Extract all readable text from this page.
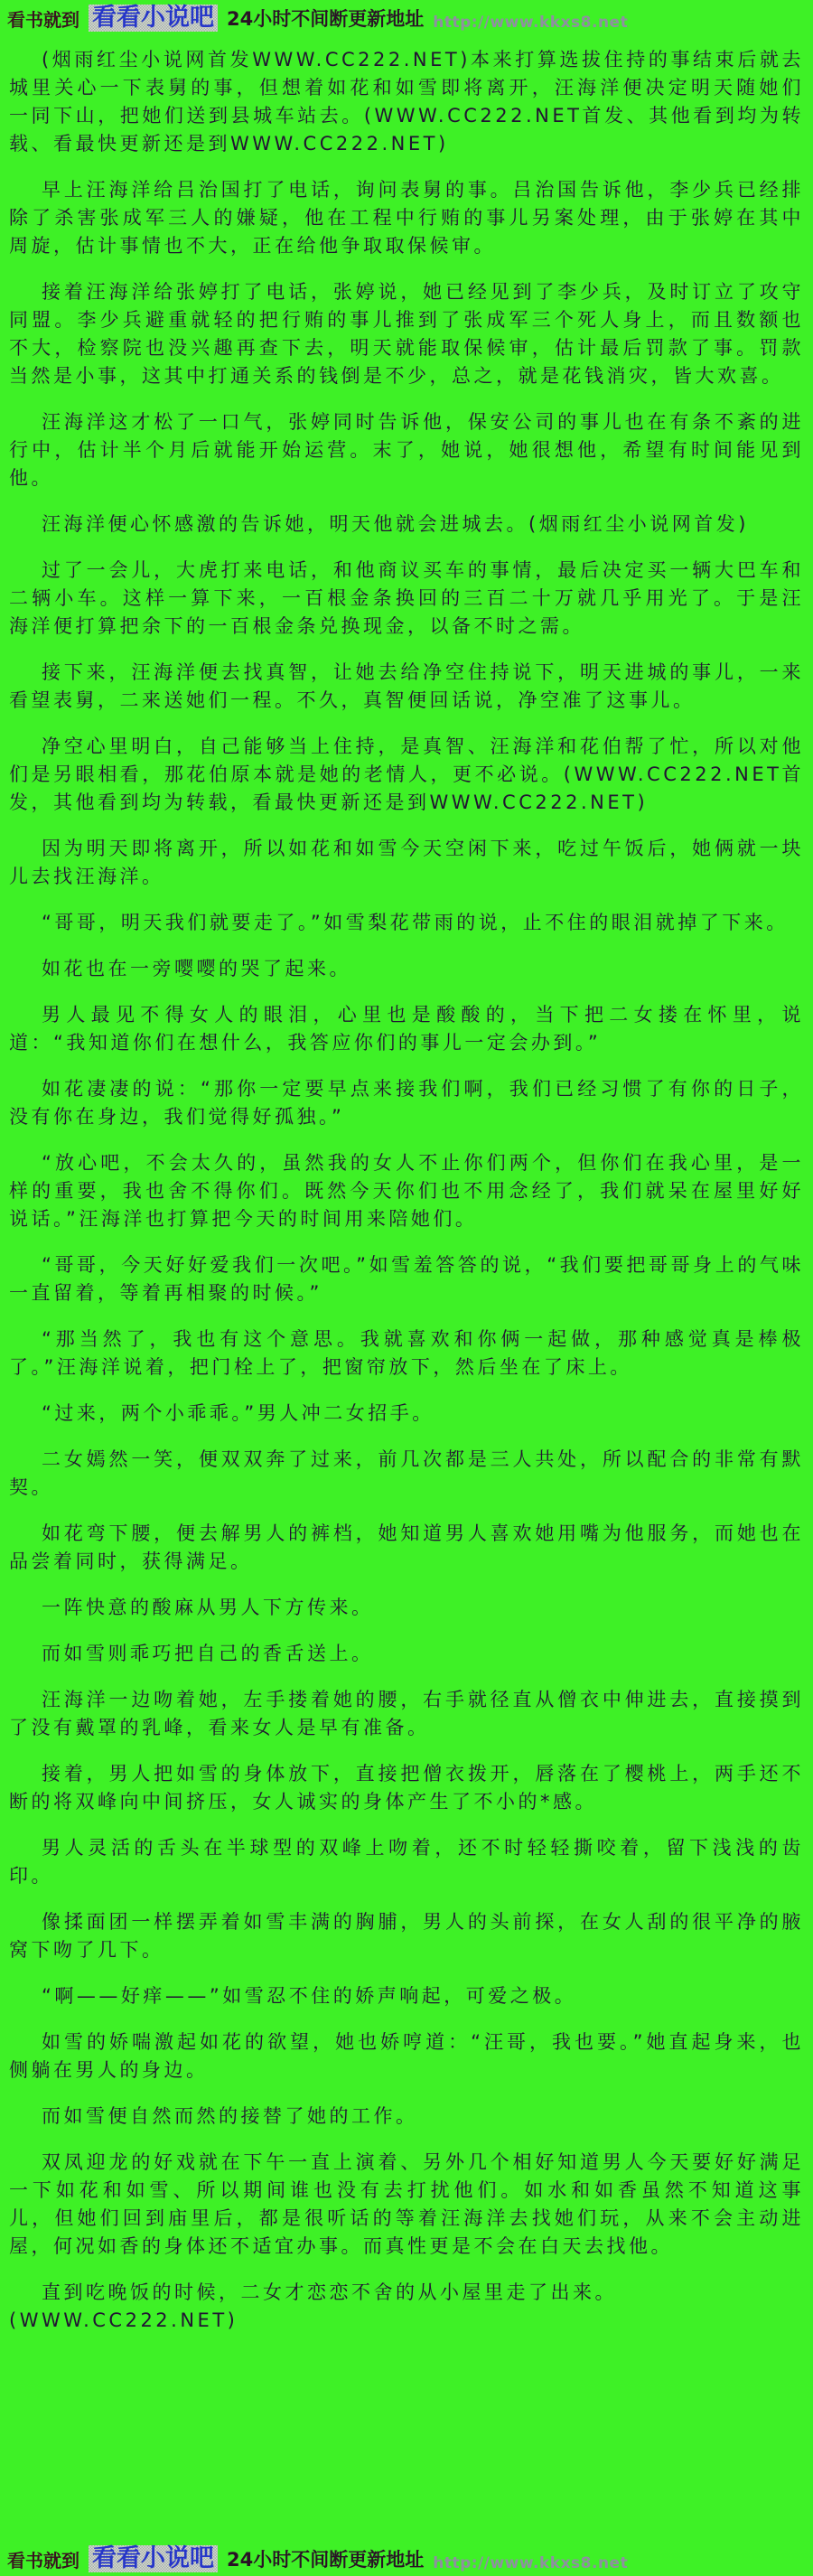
看书就到 看看小说吧 24小时不间断更新地址 http://www.kkxs8.net

(烟雨红尘小说网首发WWW.CC222.NET)本来打算选拔住持的事结束后就去城里关心一下表舅的事，但想着如花和如雪即将离开，汪海洋便决定明天随她们一同下山，把她们送到县城车站去。(WWW.CC222.NET首发、其他看到均为转载、看最快更新还是到WWW.CC222.NET)

早上汪海洋给吕治国打了电话，询问表舅的事。吕治国告诉他，李少兵已经排除了杀害张成军三人的嫌疑，他在工程中行贿的事儿另案处理，由于张婷在其中周旋，估计事情也不大，正在给他争取取保候审。

接着汪海洋给张婷打了电话，张婷说，她已经见到了李少兵，及时订立了攻守同盟。李少兵避重就轻的把行贿的事儿推到了张成军三个死人身上，而且数额也不大，检察院也没兴趣再查下去，明天就能取保候审，估计最后罚款了事。罚款当然是小事，这其中打通关系的钱倒是不少，总之，就是花钱消灾，皆大欢喜。

汪海洋这才松了一口气，张婷同时告诉他，保安公司的事儿也在有条不紊的进行中，估计半个月后就能开始运营。末了，她说，她很想他，希望有时间能见到他。

汪海洋便心怀感激的告诉她，明天他就会进城去。(烟雨红尘小说网首发)

过了一会儿，大虎打来电话，和他商议买车的事情，最后决定买一辆大巴车和二辆小车。这样一算下来，一百根金条换回的三百二十万就几乎用光了。于是汪海洋便打算把余下的一百根金条兑换现金，以备不时之需。

接下来，汪海洋便去找真智，让她去给净空住持说下，明天进城的事儿，一来看望表舅，二来送她们一程。不久，真智便回话说，净空准了这事儿。

净空心里明白，自己能够当上住持，是真智、汪海洋和花伯帮了忙，所以对他们是另眼相看，那花伯原本就是她的老情人，更不必说。(WWW.CC222.NET首发，其他看到均为转载，看最快更新还是到WWW.CC222.NET)

因为明天即将离开，所以如花和如雪今天空闲下来，吃过午饭后，她俩就一块儿去找汪海洋。

“哥哥，明天我们就要走了。”如雪梨花带雨的说，止不住的眼泪就掉了下来。

如花也在一旁嘤嘤的哭了起来。

男人最见不得女人的眼泪，心里也是酸酸的，当下把二女搂在怀里，说道：“我知道你们在想什么，我答应你们的事儿一定会办到。”

如花凄凄的说：“那你一定要早点来接我们啊，我们已经习惯了有你的日子，没有你在身边，我们觉得好孤独。”

“放心吧，不会太久的，虽然我的女人不止你们两个，但你们在我心里，是一样的重要，我也舍不得你们。既然今天你们也不用念经了，我们就呆在屋里好好说话。”汪海洋也打算把今天的时间用来陪她们。

“哥哥，今天好好爱我们一次吧。”如雪羞答答的说，“我们要把哥哥身上的气味一直留着，等着再相聚的时候。”

“那当然了，我也有这个意思。我就喜欢和你俩一起做，那种感觉真是棒极了。”汪海洋说着，把门栓上了，把窗帘放下，然后坐在了床上。

“过来，两个小乖乖。”男人冲二女招手。

二女嫣然一笑，便双双奔了过来，前几次都是三人共处，所以配合的非常有默契。

如花弯下腰，便去解男人的裤档，她知道男人喜欢她用嘴为他服务，而她也在品尝着同时，获得满足。

一阵快意的酸麻从男人下方传来。

而如雪则乖巧把自己的香舌送上。

汪海洋一边吻着她，左手搂着她的腰，右手就径直从僧衣中伸进去，直接摸到了没有戴罩的乳峰，看来女人是早有准备。

接着，男人把如雪的身体放下，直接把僧衣拨开，唇落在了樱桃上，两手还不断的将双峰向中间挤压，女人诚实的身体产生了不小的*感。

男人灵活的舌头在半球型的双峰上吻着，还不时轻轻撕咬着，留下浅浅的齿印。

像揉面团一样摆弄着如雪丰满的胸脯，男人的头前探，在女人刮的很平净的腋窝下吻了几下。

“啊——好痒——”如雪忍不住的娇声响起，可爱之极。

如雪的娇喘激起如花的欲望，她也娇哼道：“汪哥，我也要。”她直起身来，也侧躺在男人的身边。

而如雪便自然而然的接替了她的工作。

双凤迎龙的好戏就在下午一直上演着、另外几个相好知道男人今天要好好满足一下如花和如雪、所以期间谁也没有去打扰他们。如水和如香虽然不知道这事儿，但她们回到庙里后，都是很听话的等着汪海洋去找她们玩，从来不会主动进屋，何况如香的身体还不适宜办事。而真性更是不会在白天去找他。

直到吃晚饭的时候，二女才恋恋不舍的从小屋里走了出来。

(WWW.CC222.NET)

看书就到 看看小说吧 24小时不间断更新地址 http://www.kkxs8.net
